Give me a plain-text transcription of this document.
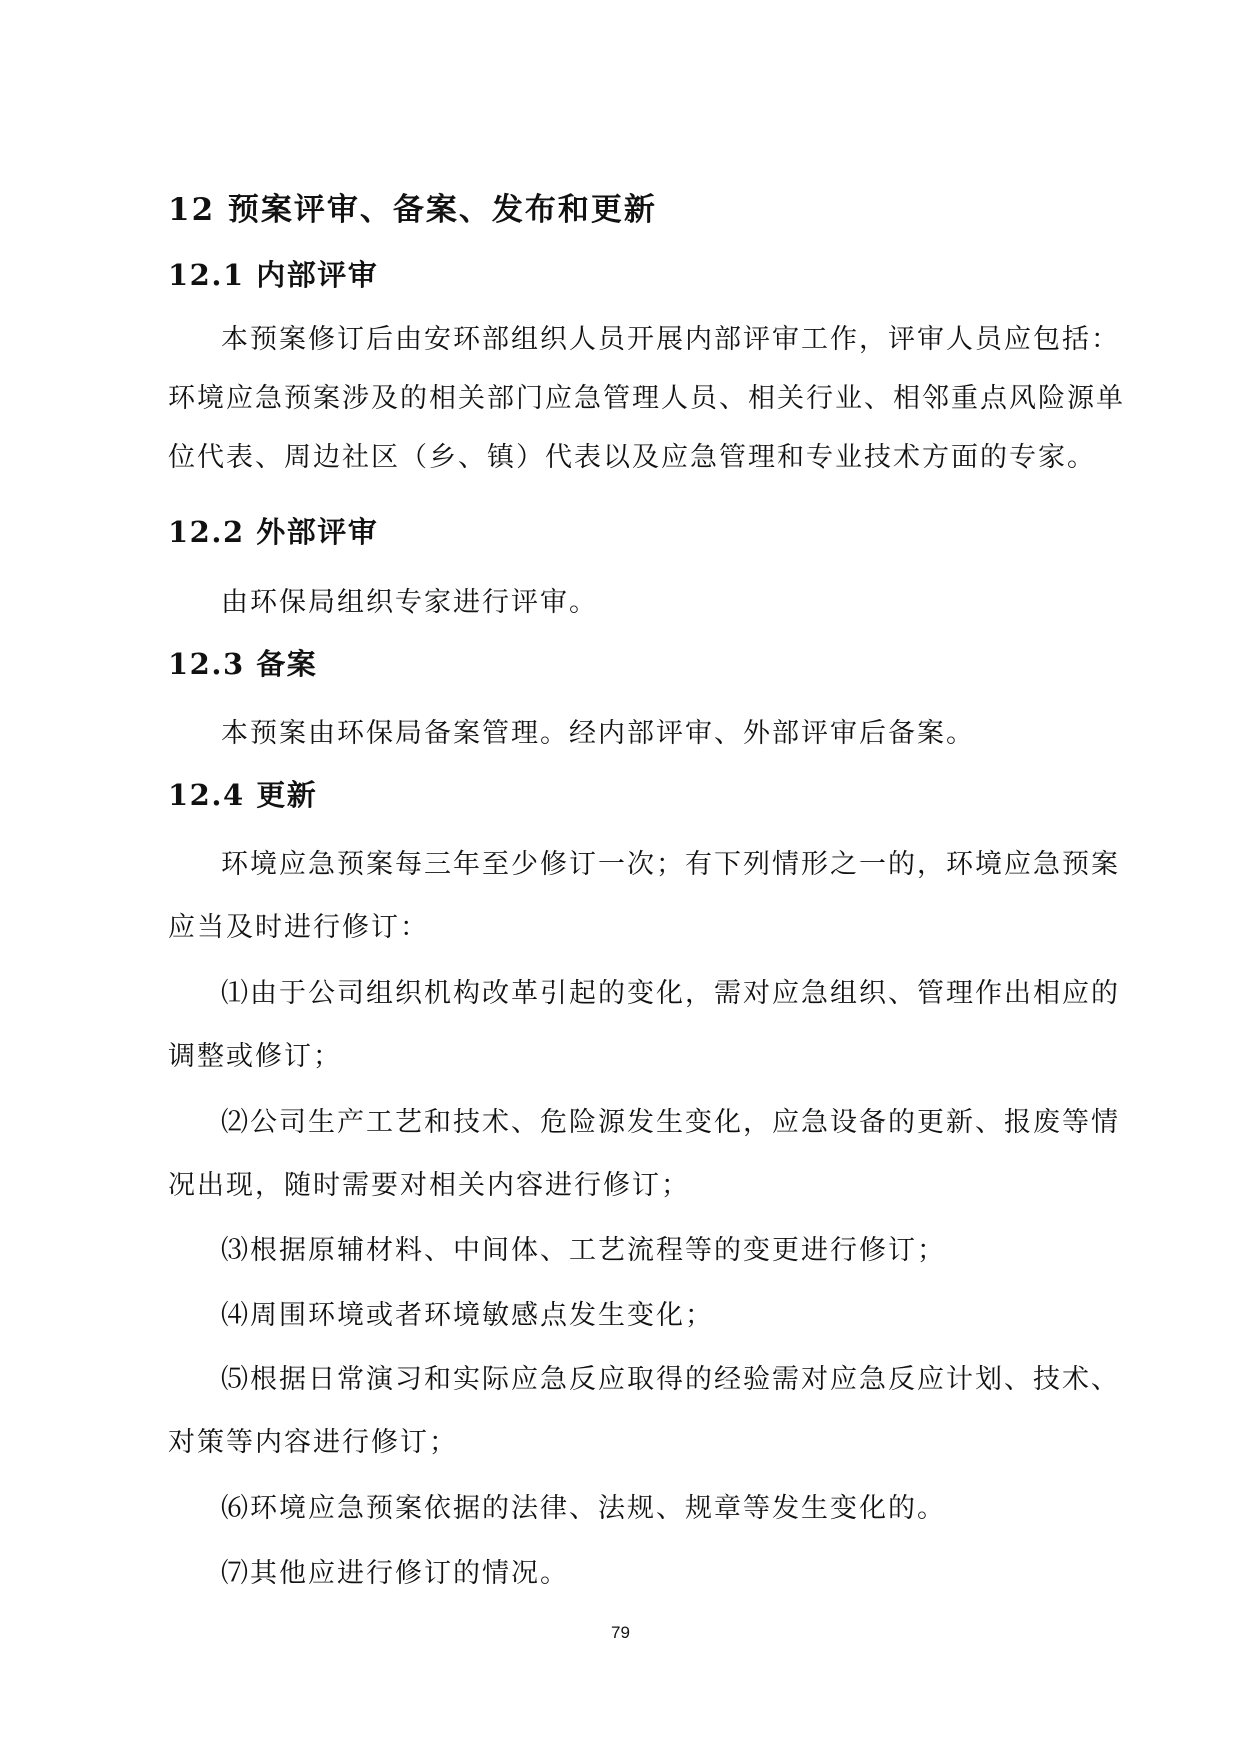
12 预案评审、备案、发布和更新
12.1 内部评审
本预案修订后由安环部组织人员开展内部评审工作，评审人员应包括：
环境应急预案涉及的相关部门应急管理人员、相关行业、相邻重点风险源单
位代表、周边社区（乡、镇）代表以及应急管理和专业技术方面的专家。
12.2 外部评审
由环保局组织专家进行评审。
12.3 备案
本预案由环保局备案管理。经内部评审、外部评审后备案。
12.4 更新
环境应急预案每三年至少修订一次；有下列情形之一的，环境应急预案
应当及时进行修订：
⑴由于公司组织机构改革引起的变化，需对应急组织、管理作出相应的
调整或修订；
⑵公司生产工艺和技术、危险源发生变化，应急设备的更新、报废等情
况出现，随时需要对相关内容进行修订；
⑶根据原辅材料、中间体、工艺流程等的变更进行修订；
⑷周围环境或者环境敏感点发生变化；
⑸根据日常演习和实际应急反应取得的经验需对应急反应计划、技术、
对策等内容进行修订；
⑹环境应急预案依据的法律、法规、规章等发生变化的。
⑺其他应进行修订的情况。
79
